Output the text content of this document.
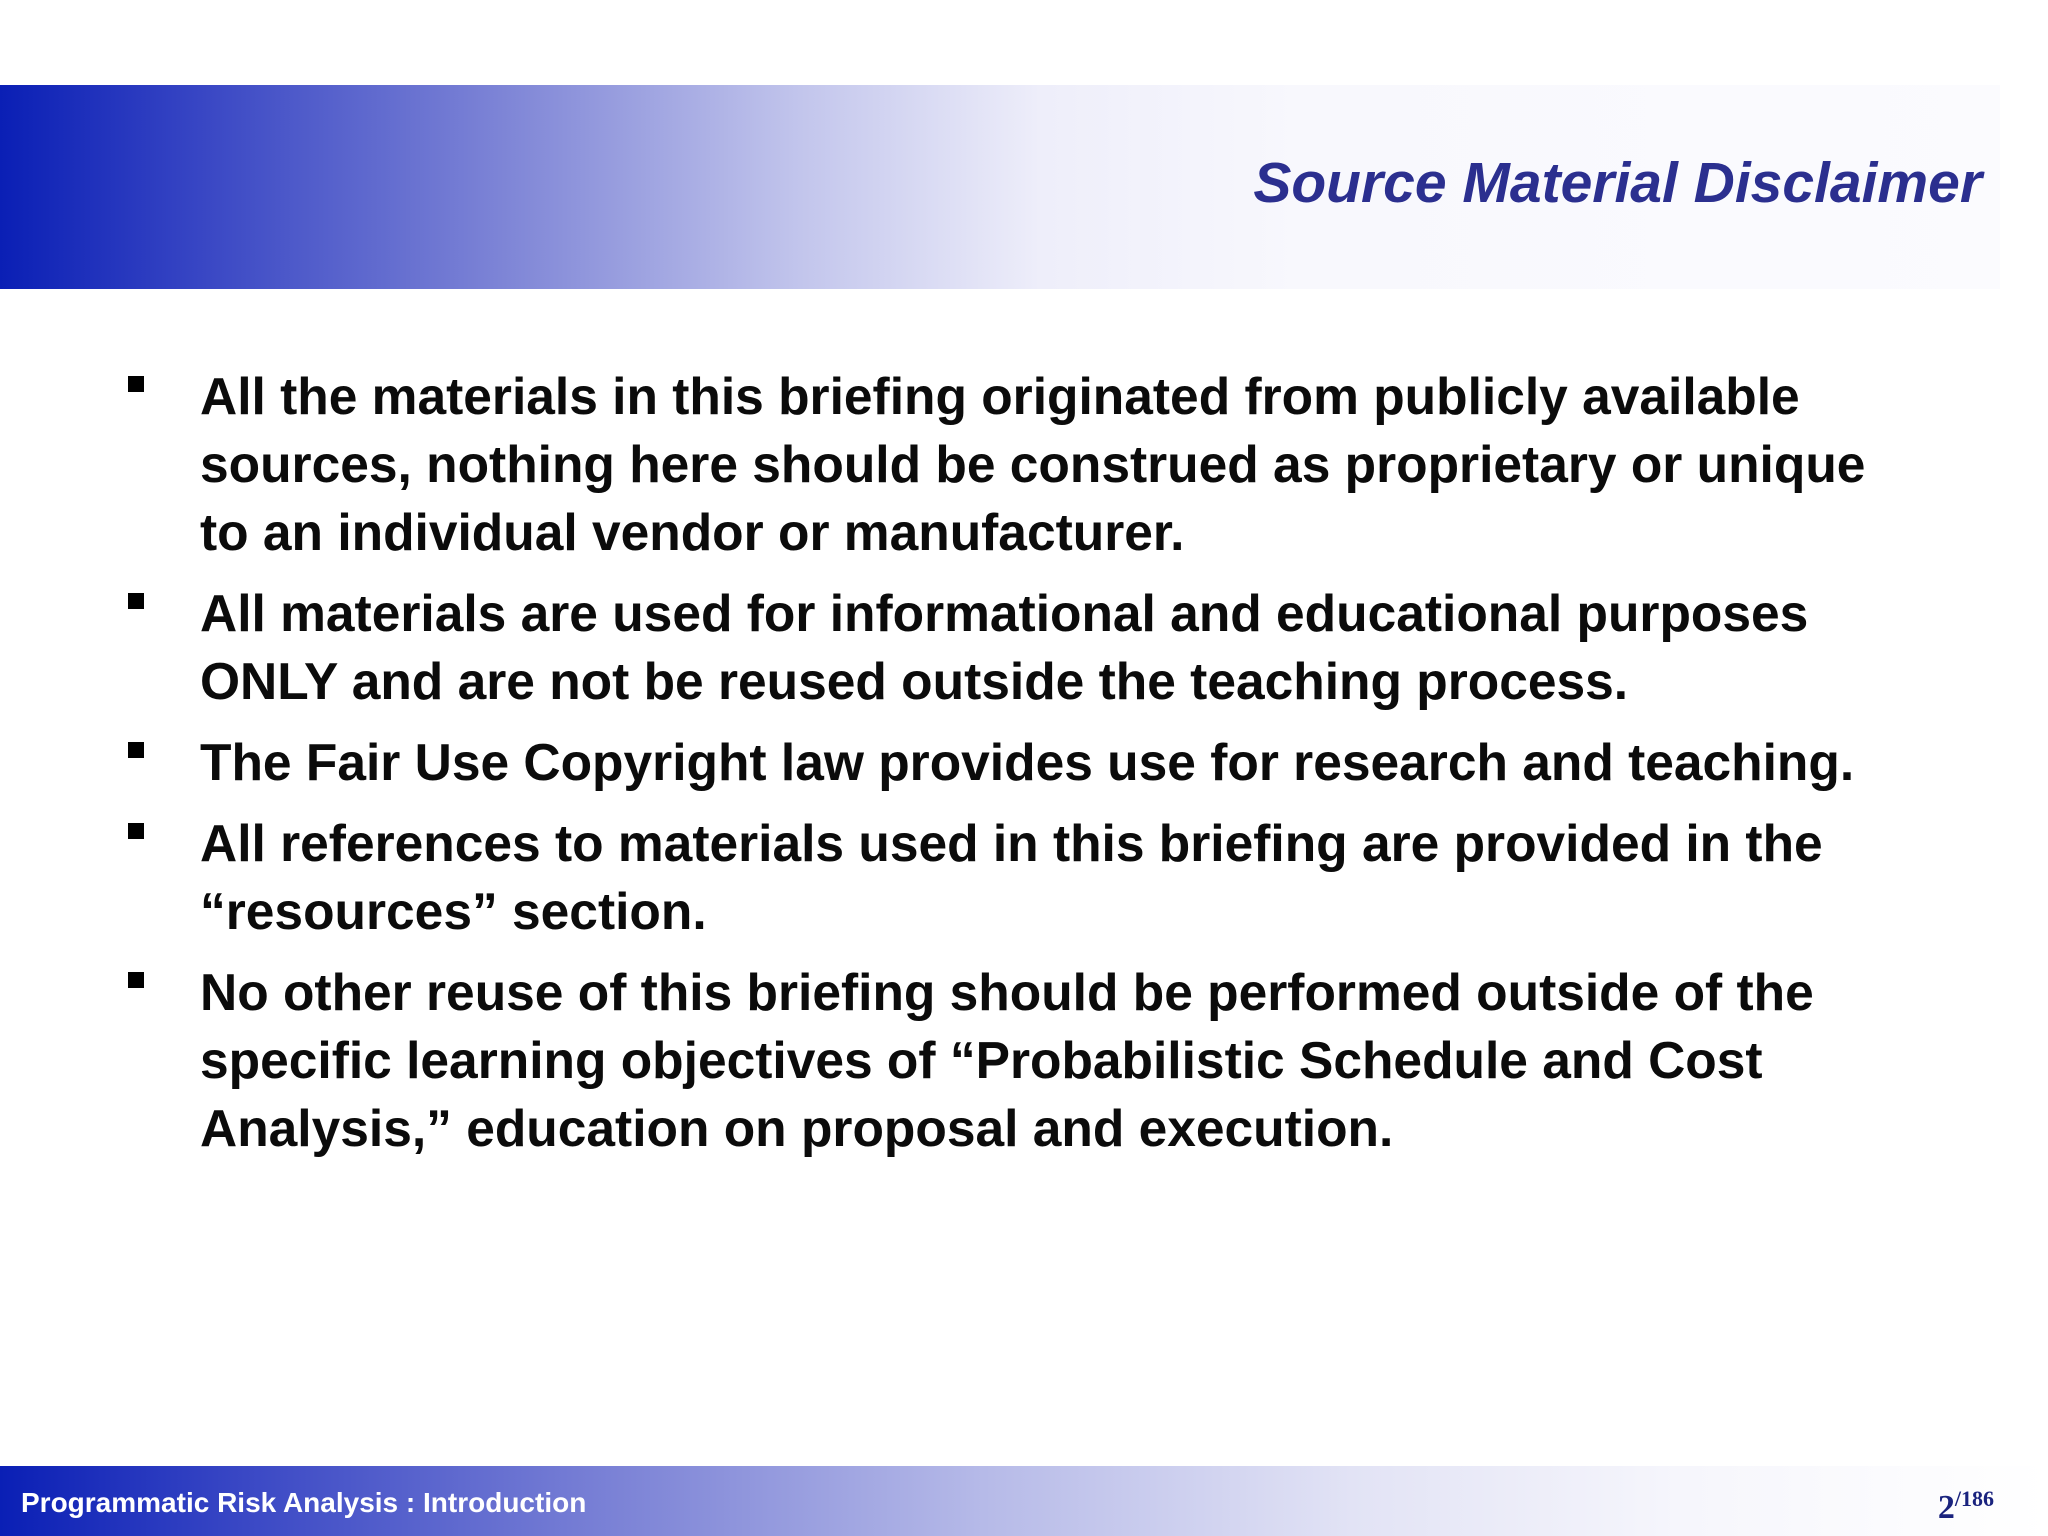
Source Material Disclaimer
All the materials in this briefing originated from publicly available sources, nothing here should be construed as proprietary or unique to an individual vendor or manufacturer.
All materials are used for informational and educational purposes ONLY and are not be reused outside the teaching process.
The Fair Use Copyright law provides use for research and teaching.
All references to materials used in this briefing are provided in the “resources” section.
No other reuse of this briefing should be performed outside of the specific learning objectives of “Probabilistic Schedule and Cost Analysis,” education on proposal and execution.
Programmatic Risk Analysis : Introduction	2/186
